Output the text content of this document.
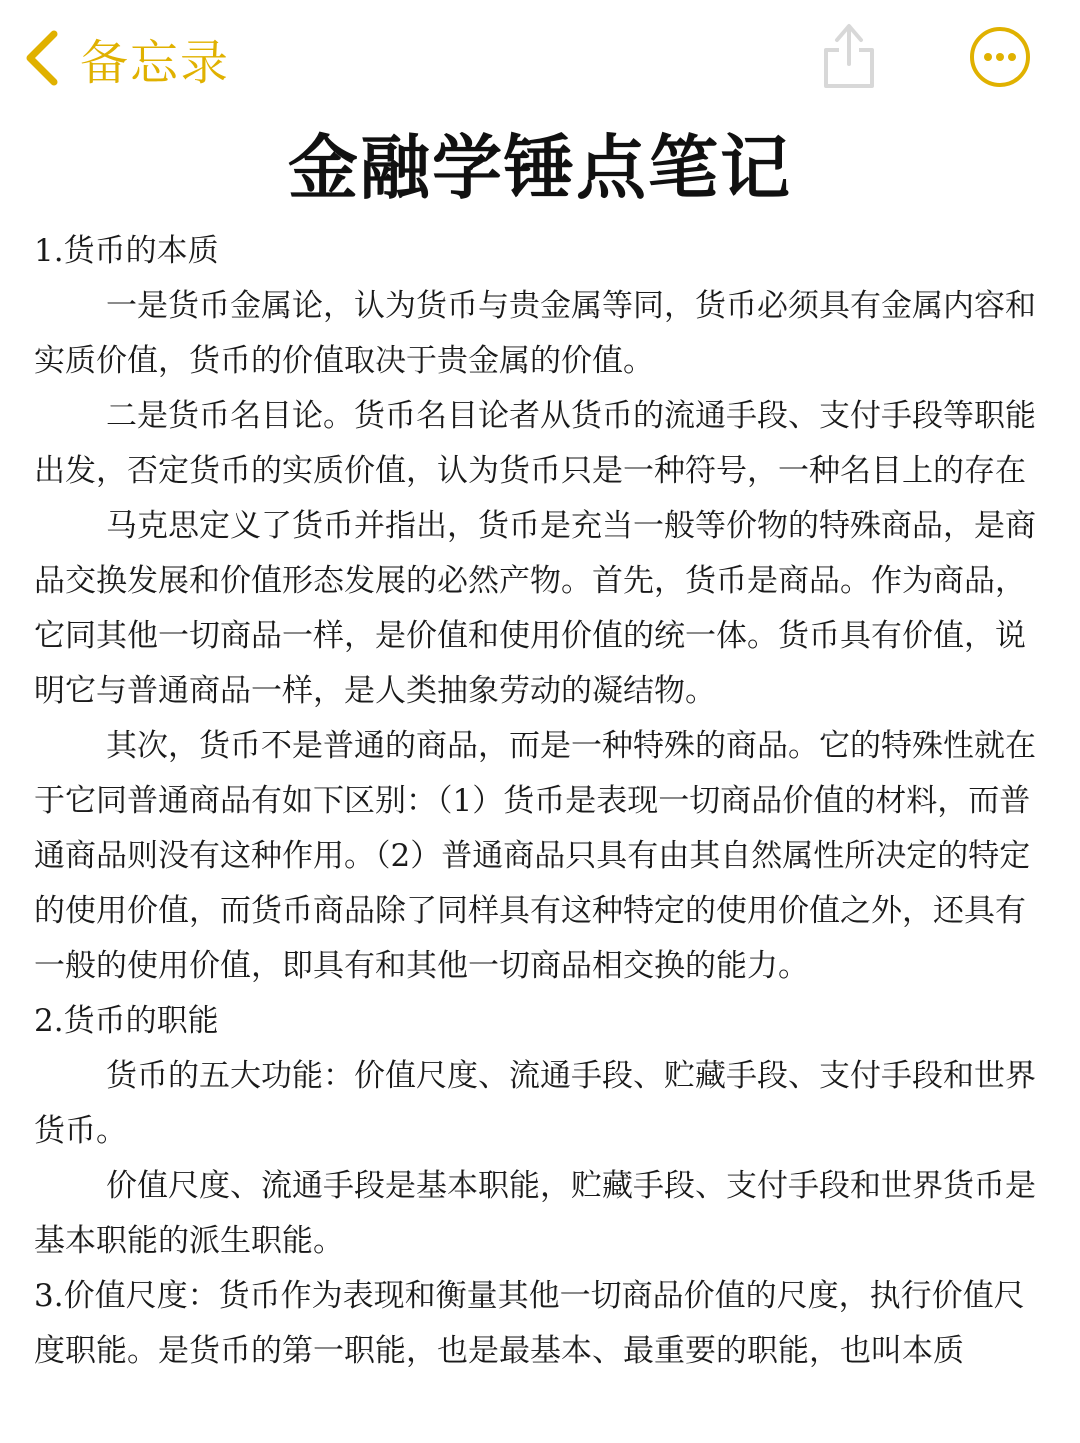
备忘录
金融学锤点笔记

1.货币的本质

一是货币金属论，认为货币与贵金属等同，货币必须具有金属内容和实质价值，货币的价值取决于贵金属的价值。

二是货币名目论。货币名目论者从货币的流通手段、支付手段等职能出发，否定货币的实质价值，认为货币只是一种符号，一种名目上的存在

马克思定义了货币并指出，货币是充当一般等价物的特殊商品，是商品交换发展和价值形态发展的必然产物。首先，货币是商品。作为商品，它同其他一切商品一样，是价值和使用价值的统一体。货币具有价值，说明它与普通商品一样，是人类抽象劳动的凝结物。

其次，货币不是普通的商品，而是一种特殊的商品。它的特殊性就在于它同普通商品有如下区别：（1）货币是表现一切商品价值的材料，而普通商品则没有这种作用。（2）普通商品只具有由其自然属性所决定的特定的使用价值，而货币商品除了同样具有这种特定的使用价值之外，还具有一般的使用价值，即具有和其他一切商品相交换的能力。

2.货币的职能

货币的五大功能：价值尺度、流通手段、贮藏手段、支付手段和世界货币。

价值尺度、流通手段是基本职能，贮藏手段、支付手段和世界货币是基本职能的派生职能。

3.价值尺度：货币作为表现和衡量其他一切商品价值的尺度，执行价值尺度职能。是货币的第一职能，也是最基本、最重要的职能，也叫本质
